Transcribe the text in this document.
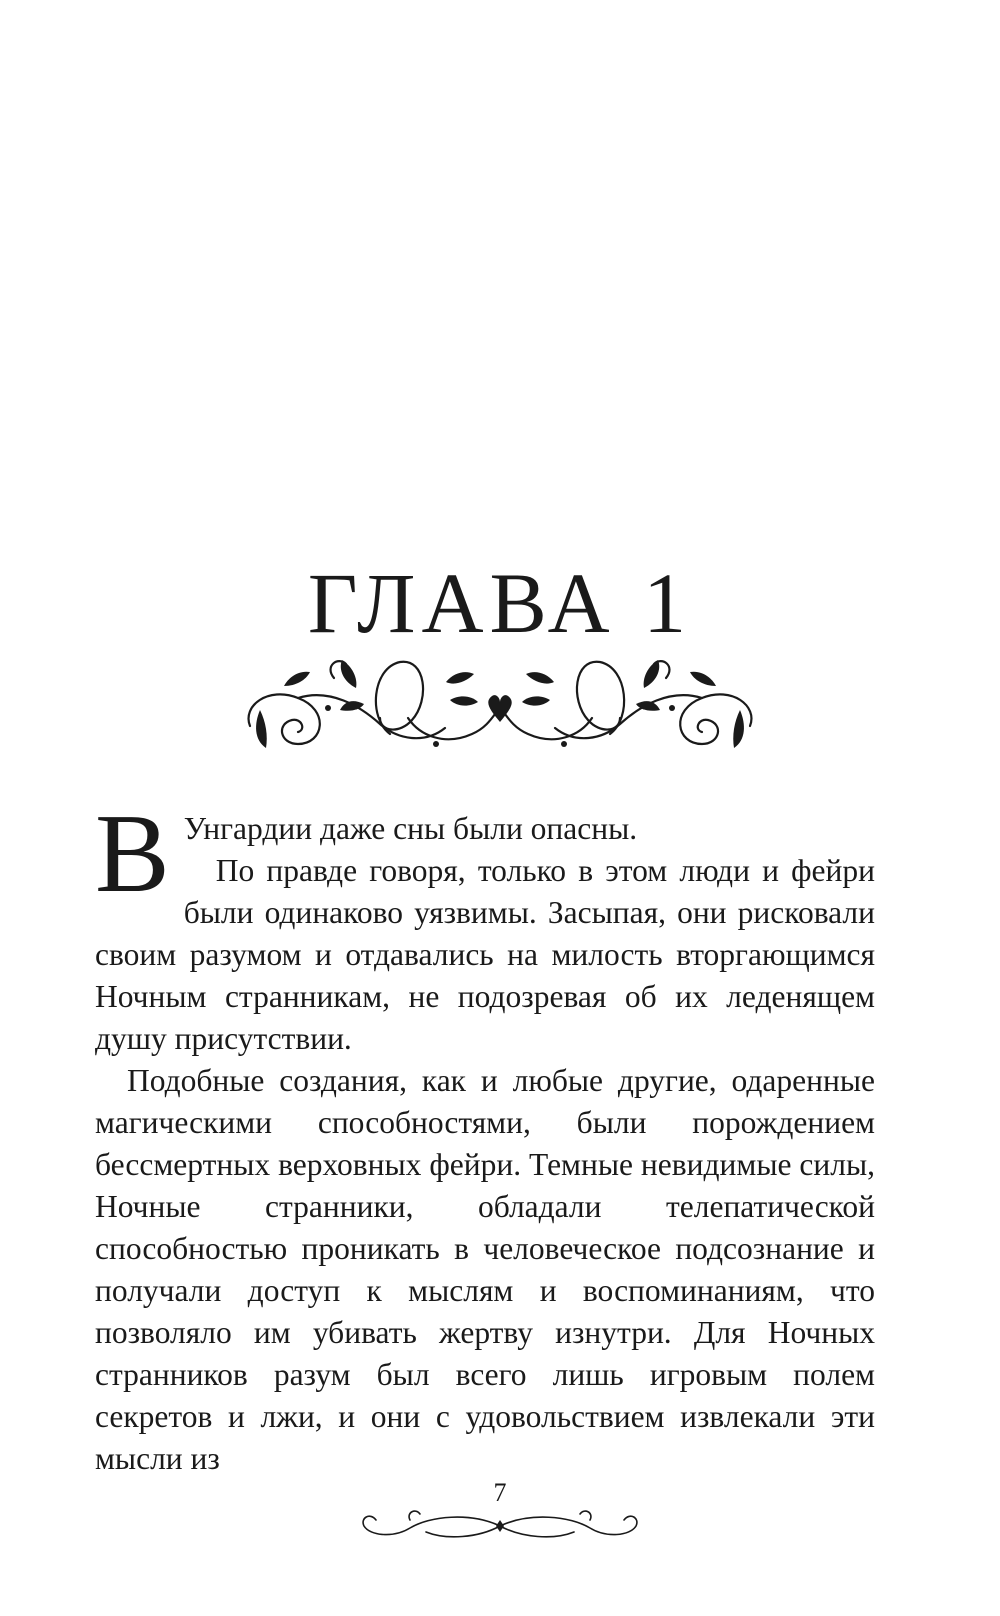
ГЛАВА 1

В Унгардии даже сны были опасны.

По правде говоря, только в этом люди и фейри были одинаково уязвимы. Засыпая, они рисковали своим разумом и отдавались на милость вторгающимся Ночным странникам, не подозревая об их леденящем душу присутствии.

Подобные создания, как и любые другие, одаренные магическими способностями, были порождением бессмертных верховных фейри. Темные невидимые силы, Ночные странники, обладали телепатической способностью проникать в человеческое подсознание и получали доступ к мыслям и воспоминаниям, что позволяло им убивать жертву изнутри. Для Ночных странников разум был всего лишь игровым полем секретов и лжи, и они с удовольствием извлекали эти мысли из

7
